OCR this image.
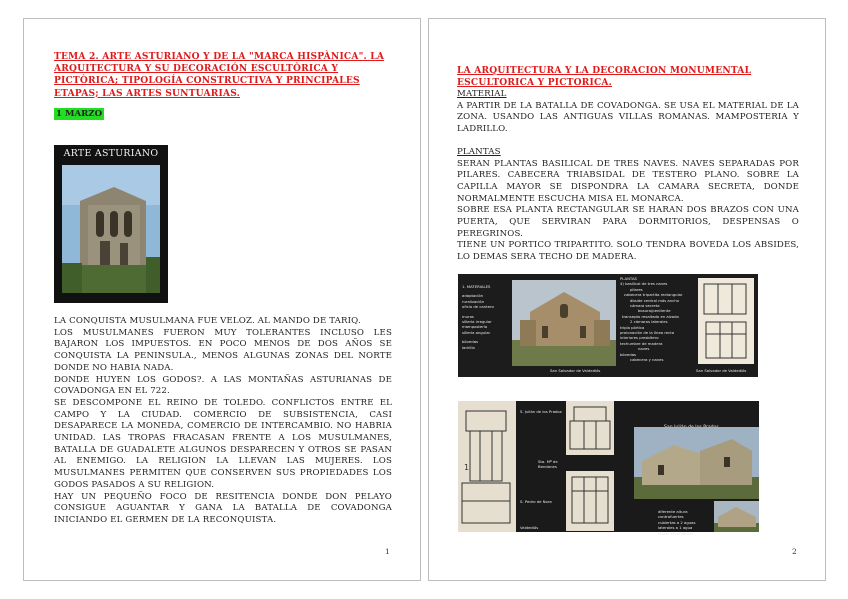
TEMA 2. ARTE ASTURIANO Y DE LA "MARCA HISPÀNICA". LA ARQUITECTURA Y SU DECORACIÓN ESCULTÒRICA Y PICTÒRICA; TIPOLOGÍA CONSTRUCTIVA Y PRINCIPALES ETAPAS; LAS ARTES SUNTUARIAS.
1 MARZO
ARTE ASTURIANO

LA CONQUISTA MUSULMANA FUE VELOZ. AL MANDO DE TARIQ.

LOS MUSULMANES FUERON MUY TOLERANTES INCLUSO LES BAJARON LOS IMPUESTOS. EN POCO MENOS DE DOS AÑOS SE CONQUISTA LA PENINSULA., MENOS ALGUNAS ZONAS DEL NORTE DONDE NO HABIA NADA.

DONDE HUYEN LOS GODOS?. A LAS MONTAÑAS ASTURIANAS DE COVADONGA EN EL 722.

SE DESCOMPONE EL REINO DE TOLEDO. CONFLICTOS ENTRE EL CAMPO Y LA CIUDAD. COMERCIO DE SUBSISTENCIA, CASI DESAPARECE LA MONEDA, COMERCIO DE INTERCAMBIO. NO HABRIA UNIDAD. LAS TROPAS FRACASAN FRENTE A LOS MUSULMANES, BATALLA DE GUADALETE ALGUNOS DESPARECEN Y OTROS SE PASAN AL ENEMIGO. LA RELIGION LA LLEVAN LAS MUJERES. LOS MUSULMANES PERMITEN QUE CONSERVEN SUS PROPIEDADES LOS GODOS PASADOS A SU RELIGION.

HAY UN PEQUEÑO FOCO DE RESITENCIA DONDE DON PELAYO CONSIGUE AGUANTAR Y GANA LA BATALLA DE COVADONGA INICIANDO EL GERMEN DE LA RECONQUISTA.

1
LA ARQUITECTURA Y LA DECORACION MONUMENTAL ESCULTORICA Y PICTORICA.

MATERIAL

A PARTIR DE LA BATALLA DE COVADONGA. SE USA EL MATERIAL DE LA ZONA. USANDO LAS ANTIGUAS VILLAS ROMANAS. MAMPOSTERIA Y LADRILLO.

PLANTAS

SERAN PLANTAS BASILICAL DE TRES NAVES. NAVES SEPARADAS POR PILARES. CABECERA TRIABSIDAL DE TESTERO PLANO. SOBRE LA CAPILLA MAYOR SE DISPONDRA LA CAMARA SECRETA, DONDE NORMALMENTE ESCUCHA MISA EL MONARCA.

SOBRE ESA PLANTA RECTANGULAR SE HARAN DOS BRAZOS CON UNA PUERTA, QUE SERVIRAN PARA DORMITORIOS, DESPENSAS O PEREGRINOS.

TIENE UN PORTICO TRIPARTITO. SOLO TENDRA BOVEDA LOS ABSIDES, LO DEMAS SERA TECHO DE MADERA.

1. MATERIALES
adaptación
ruralización
oficio de cantero
muros
sillería irregular
mampostería
sillería angular
bóvedas
ladrillo
San Salvador de Valdediós
PLANTAS
4) basilical de tres naves
pilares
cabecera tripartita rectangular
ábside central más ancho
cámara secreta
bosura/penitente
transepto resaltado en alzado
2 cámaras laterales
tripla pórtica
prolonación de la línea recta
interiores presbítero
techumbre de madera
naves
bóvedas
cabecera y naves
San Salvador de Valdediós
1
S. Julián de los Prados
Sta. Mª de Bendones
S. Pedro de Nora
Valdediós
diferente altura
contrafuertes
cubiertas a 2 aguas
laterales a 1 agua
naves secundarias
2
